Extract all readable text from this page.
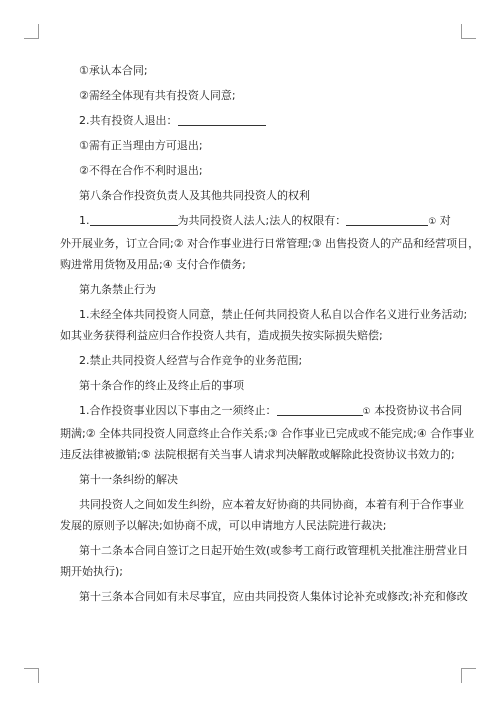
①承认本合同;

②需经全体现有共有投资人同意;

2.共有投资人退出：

①需有正当理由方可退出;

②不得在合作不利时退出;

第八条合作投资负责人及其他共同投资人的权利

1.	为共同投资人法人;法人的权限有：	① 对

外开展业务，订立合同;② 对合作事业进行日常管理;③ 出售投资人的产品和经营项目，

购进常用货物及用品;④ 支付合作债务;

第九条禁止行为

1.未经全体共同投资人同意，禁止任何共同投资人私自以合作名义进行业务活动;

如其业务获得利益应归合作投资人共有，造成损失按实际损失赔偿;

2.禁止共同投资人经营与合作竞争的业务范围;

第十条合作的终止及终止后的事项

1.合作投资事业因以下事由之一须终止：	① 本投资协议书合同

期满;② 全体共同投资人同意终止合作关系;③ 合作事业已完成或不能完成;④ 合作事业

违反法律被撤销;⑤ 法院根据有关当事人请求判决解散或解除此投资协议书效力的;

第十一条纠纷的解决

共同投资人之间如发生纠纷，应本着友好协商的共同协商，本着有利于合作事业

发展的原则予以解决;如协商不成，可以申请地方人民法院进行裁决;

第十二条本合同自签订之日起开始生效(或参考工商行政管理机关批准注册营业日

期开始执行);

第十三条本合同如有未尽事宜，应由共同投资人集体讨论补充或修改;补充和修改
